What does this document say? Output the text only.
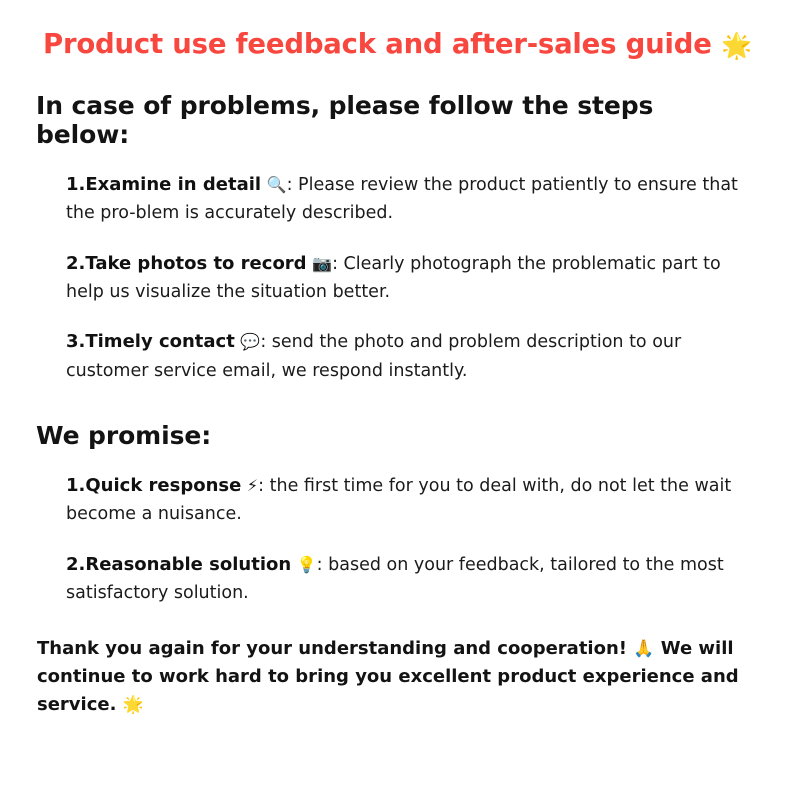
Product use feedback and after-sales guide 🌟
In case of problems, please follow the steps below:
1.Examine in detail 🔍: Please review the product patiently to ensure that the pro-blem is accurately described.
2.Take photos to record 📷: Clearly photograph the problematic part to help us visualize the situation better.
3.Timely contact 💬: send the photo and problem description to our customer service email, we respond instantly.
We promise:
1.Quick response ⚡: the first time for you to deal with, do not let the wait become a nuisance.
2.Reasonable solution 💡: based on your feedback, tailored to the most satisfactory solution.

Thank you again for your understanding and cooperation! 🙏 We will continue to work hard to bring you excellent product experience and service. 🌟
